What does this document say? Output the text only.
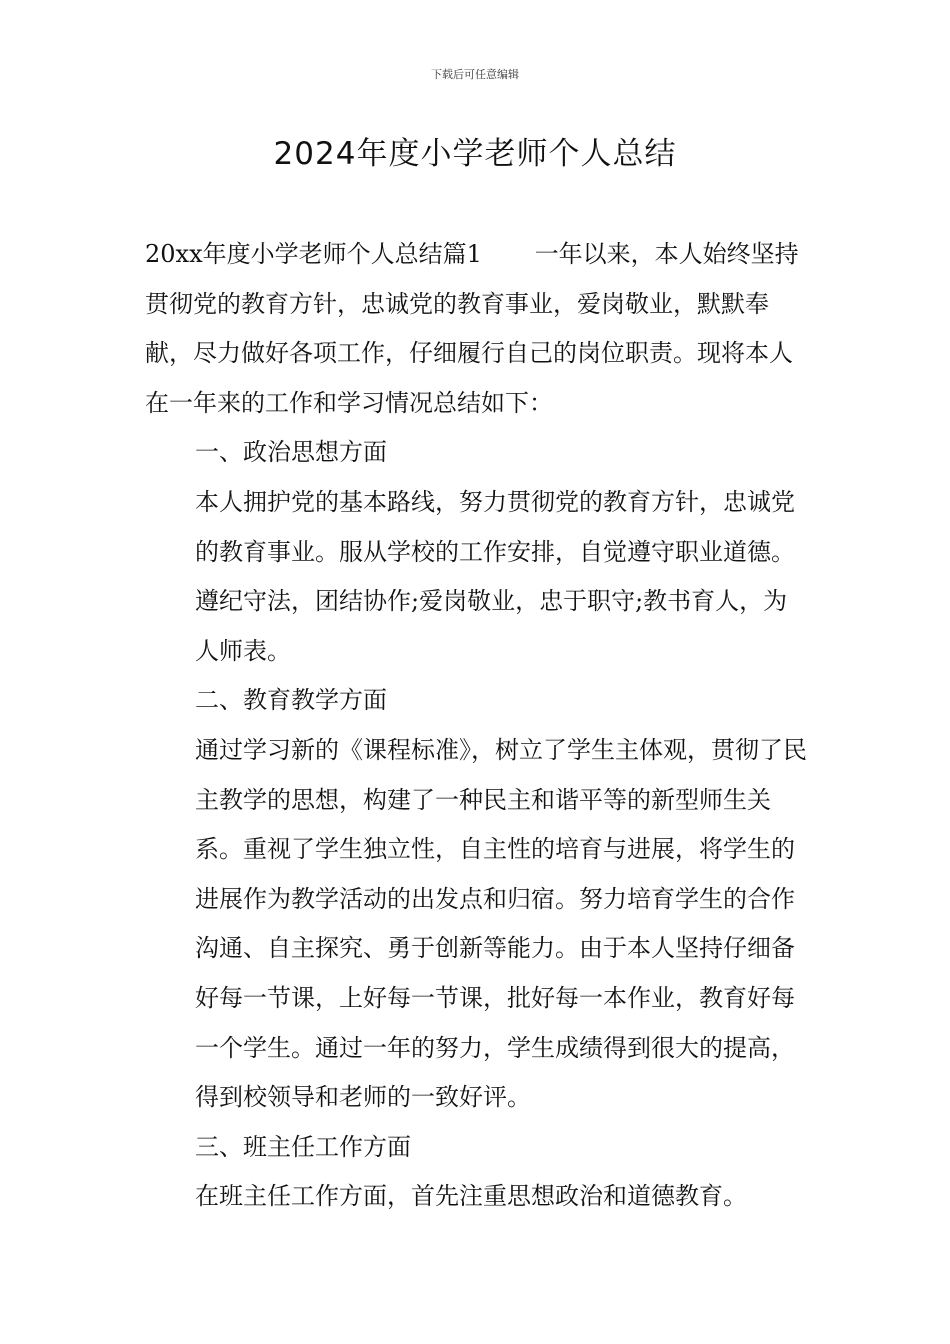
下载后可任意编辑
2024年度小学老师个人总结

20xx年度小学老师个人总结篇1 一年以来，本人始终坚持贯彻党的教育方针，忠诚党的教育事业，爱岗敬业，默默奉献，尽力做好各项工作，仔细履行自己的岗位职责。现将本人在一年来的工作和学习情况总结如下：

一、政治思想方面

本人拥护党的基本路线，努力贯彻党的教育方针，忠诚党的教育事业。服从学校的工作安排，自觉遵守职业道德。遵纪守法，团结协作;爱岗敬业，忠于职守;教书育人，为人师表。

二、教育教学方面

通过学习新的《课程标准》，树立了学生主体观，贯彻了民主教学的思想，构建了一种民主和谐平等的新型师生关系。重视了学生独立性，自主性的培育与进展，将学生的进展作为教学活动的出发点和归宿。努力培育学生的合作沟通、自主探究、勇于创新等能力。由于本人坚持仔细备好每一节课，上好每一节课，批好每一本作业，教育好每一个学生。通过一年的努力，学生成绩得到很大的提高，得到校领导和老师的一致好评。

三、班主任工作方面

在班主任工作方面，首先注重思想政治和道德教育。
